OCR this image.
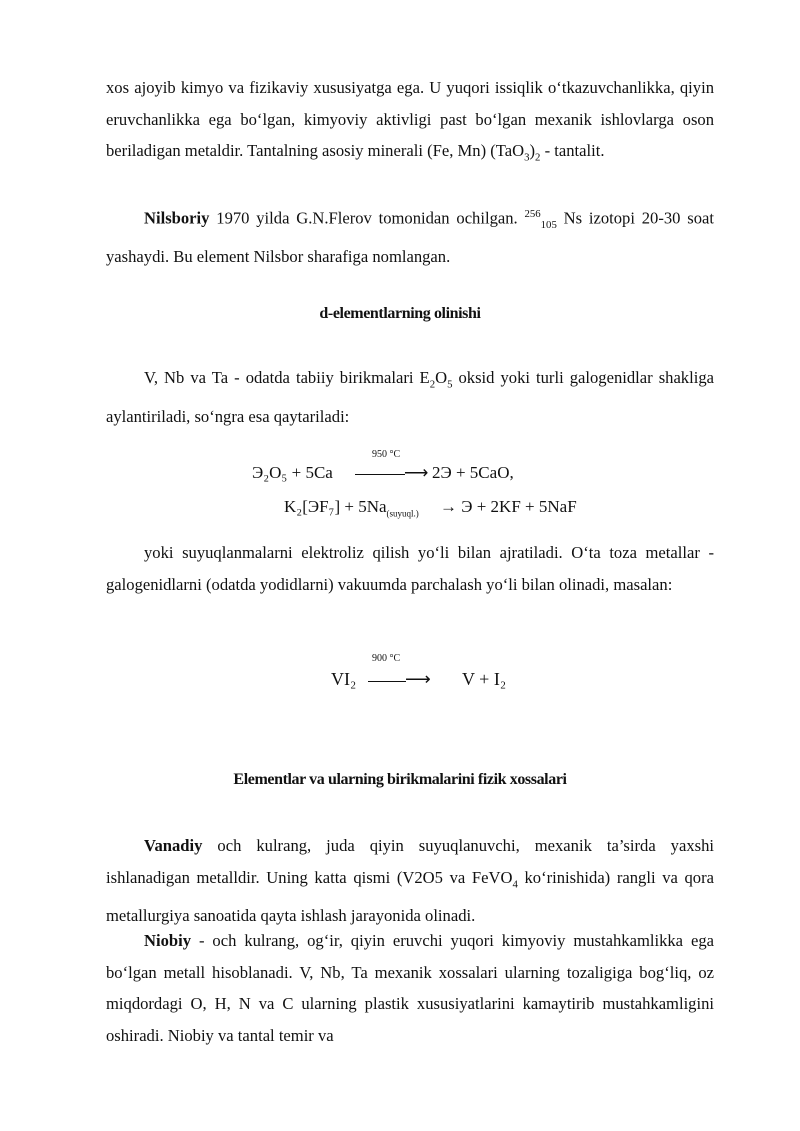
xos ajoyib kimyo va fizikaviy xususiyatga ega. U yuqori issiqlik o‘tkazuvchanlikka, qiyin eruvchanlikka ega bo‘lgan, kimyoviy aktivligi past bo‘lgan mexanik ishlovlarga oson beriladigan metaldir. Tantalning asosiy minerali (Fe, Mn) $(TaO_3)_2$ - tantalit.

Nilsboriy 1970 yilda G.N.Flerov tomonidan ochilgan. $^{256}_{105}$ Ns izotopi 20-30 soat yashaydi. Bu element Nilsbor sharafiga nomlangan.

d-elementlarning olinishi

V, Nb va Ta - odatda tabiiy birikmalari $E_2O_5$ oksid yoki turli galogenidlar shakliga aylantiriladi, so‘ngra esa qaytariladi:

950 °C
Э₂O₅ + 5Ca	⟶ 2Э + 5CaO,
$K_2[ЭF_7] + 5Na_{(suyuql.)} \to Э + 2KF + 5NaF$

yoki suyuqlanmalarni elektroliz qilish yo‘li bilan ajratiladi. O‘ta toza metallar -galogenidlarni (odatda yodidlarni) vakuumda parchalash yo‘li bilan olinadi, masalan:

900 °C
VI₂	⟶ V + I₂

Elementlar va ularning birikmalarini fizik xossalari

Vanadiy och kulrang, juda qiyin suyuqlanuvchi, mexanik ta’sirda yaxshi ishlanadigan metalldir. Uning katta qismi (V2O5 va FeVO$_4$ ko‘rinishida) rangli va qora metallurgiya sanoatida qayta ishlash jarayonida olinadi.

Niobiy - och kulrang, og‘ir, qiyin eruvchi yuqori kimyoviy mustahkamlikka ega bo‘lgan metall hisoblanadi. V, Nb, Ta mexanik xossalari ularning tozaligiga bog‘liq, oz miqdordagi O, H, N va C ularning plastik xususiyatlarini kamaytirib mustahkamligini oshiradi. Niobiy va tantal temir va
